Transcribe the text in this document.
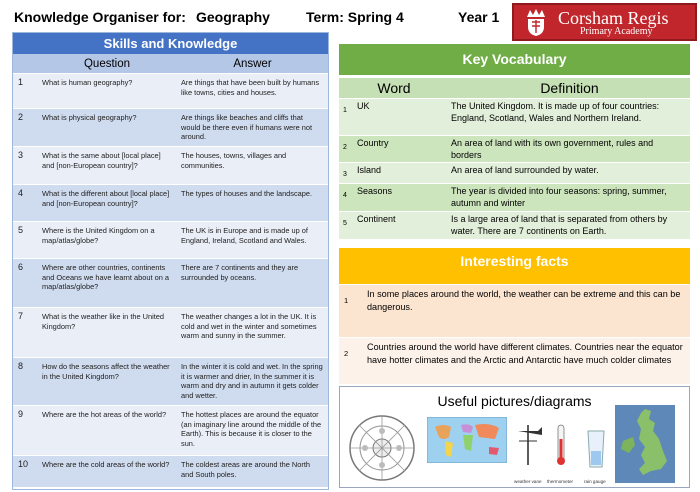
Knowledge Organiser for: Geography	Term: Spring 4	Year 1	Corsham Regis
Primary Academy
Skills and Knowledge
Question	Answer
1	What is human geography?	Are things that have been built by humans like towns, cities and houses.
2	What is physical geography?	Are things like beaches and cliffs that would be there even if humans were not around.
3	What is the same about [local place] and [non-European country]?
The houses, towns, villages and communities.
4	What is the different about [local place] and [non-European country]?
The types of houses and the landscape.
5	Where is the United Kingdom on a map/atlas/globe?
The UK is in Europe and is made up of England, Ireland, Scotland and Wales.
6	Where are other countries, continents and Oceans we have learnt about on a map/atlas/globe?
There are 7 continents and they are surrounded by oceans.
7	What is the weather like in the United Kingdom?
The weather changes a lot in the UK. It is cold and wet in the winter and sometimes warm and sunny in the summer.
8	How do the seasons affect the weather in the United Kingdom?
In the winter it is cold and wet. In the spring it is warmer and drier, In the summer it is warm and dry and in autumn it gets colder and wetter.
9	Where are the hot areas of the world?	The hottest places are around the equator (an imaginary line around the middle of the Earth). This is because it is closer to the sun.
10	Where are the cold areas of the world?	The coldest areas are around the North and South poles.
Key Vocabulary
Word	Definition
1	UK	The United Kingdom. It is made up of four countries: England, Scotland, Wales and Northern Ireland.
2	Country	An area of land with its own government, rules and borders
3	Island	An area of land surrounded by water.
4	Seasons	The year is divided into four seasons: spring, summer, autumn and winter
5	Continent	Is a large area of land that is separated from others by water. There are 7 continents on Earth.
Interesting facts
1
In some places around the world, the weather can be extreme and this can be dangerous.
2
Countries around the world have different climates. Countries near the equator have hotter climates and the Arctic and Antarctic have much colder climates
Useful pictures/diagrams
weather vane thermometer rain gauge
